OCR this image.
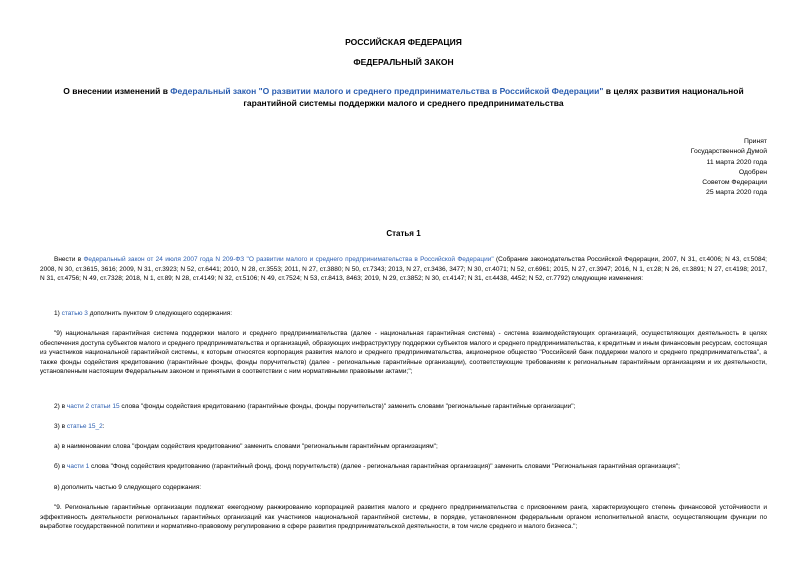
РОССИЙСКАЯ ФЕДЕРАЦИЯ
ФЕДЕРАЛЬНЫЙ ЗАКОН
О внесении изменений в Федеральный закон "О развитии малого и среднего предпринимательства в Российской Федерации" в целях развития национальной гарантийной системы поддержки малого и среднего предпринимательства
Принят
Государственной Думой
11 марта 2020 года
Одобрен
Советом Федерации
25 марта 2020 года
Статья 1
Внести в Федеральный закон от 24 июля 2007 года N 209-ФЗ "О развитии малого и среднего предпринимательства в Российской Федерации" (Собрание законодательства Российской Федерации, 2007, N 31, ст.4006; N 43, ст.5084; 2008, N 30, ст.3615, 3616; 2009, N 31, ст.3923; N 52, ст.6441; 2010, N 28, ст.3553; 2011, N 27, ст.3880; N 50, ст.7343; 2013, N 27, ст.3436, 3477; N 30, ст.4071; N 52, ст.6961; 2015, N 27, ст.3947; 2016, N 1, ст.28; N 26, ст.3891; N 27, ст.4198; 2017, N 31, ст.4756; N 49, ст.7328; 2018, N 1, ст.89; N 28, ст.4149; N 32, ст.5106; N 49, ст.7524; N 53, ст.8413, 8463; 2019, N 29, ст.3852; N 30, ст.4147; N 31, ст.4438, 4452; N 52, ст.7792) следующие изменения:
1) статью 3 дополнить пунктом 9 следующего содержания:
"9) национальная гарантийная система поддержки малого и среднего предпринимательства (далее - национальная гарантийная система) - система взаимодействующих организаций, осуществляющих деятельность в целях обеспечения доступа субъектов малого и среднего предпринимательства и организаций, образующих инфраструктуру поддержки субъектов малого и среднего предпринимательства, к кредитным и иным финансовым ресурсам, состоящая из участников национальной гарантийной системы, к которым относятся корпорация развития малого и среднего предпринимательства, акционерное общество "Российский банк поддержки малого и среднего предпринимательства", а также фонды содействия кредитованию (гарантийные фонды, фонды поручительств) (далее - региональные гарантийные организации), соответствующие требованиям к региональным гарантийным организациям и их деятельности, установленным настоящим Федеральным законом и принятыми в соответствии с ним нормативными правовыми актами;";
2) в части 2 статьи 15 слова "фонды содействия кредитованию (гарантийные фонды, фонды поручительств)" заменить словами "региональные гарантийные организации";
3) в статье 15_2:
а) в наименовании слова "фондам содействия кредитованию" заменить словами "региональным гарантийным организациям";
б) в части 1 слова "Фонд содействия кредитованию (гарантийный фонд, фонд поручительств) (далее - региональная гарантийная организация)" заменить словами "Региональная гарантийная организация";
в) дополнить частью 9 следующего содержания:
"9. Региональные гарантийные организации подлежат ежегодному ранжированию корпорацией развития малого и среднего предпринимательства с присвоением ранга, характеризующего степень финансовой устойчивости и эффективность деятельности региональных гарантийных организаций как участников национальной гарантийной системы, в порядке, установленном федеральным органом исполнительной власти, осуществляющим функции по выработке государственной политики и нормативно-правовому регулированию в сфере развития предпринимательской деятельности, в том числе среднего и малого бизнеса.";
